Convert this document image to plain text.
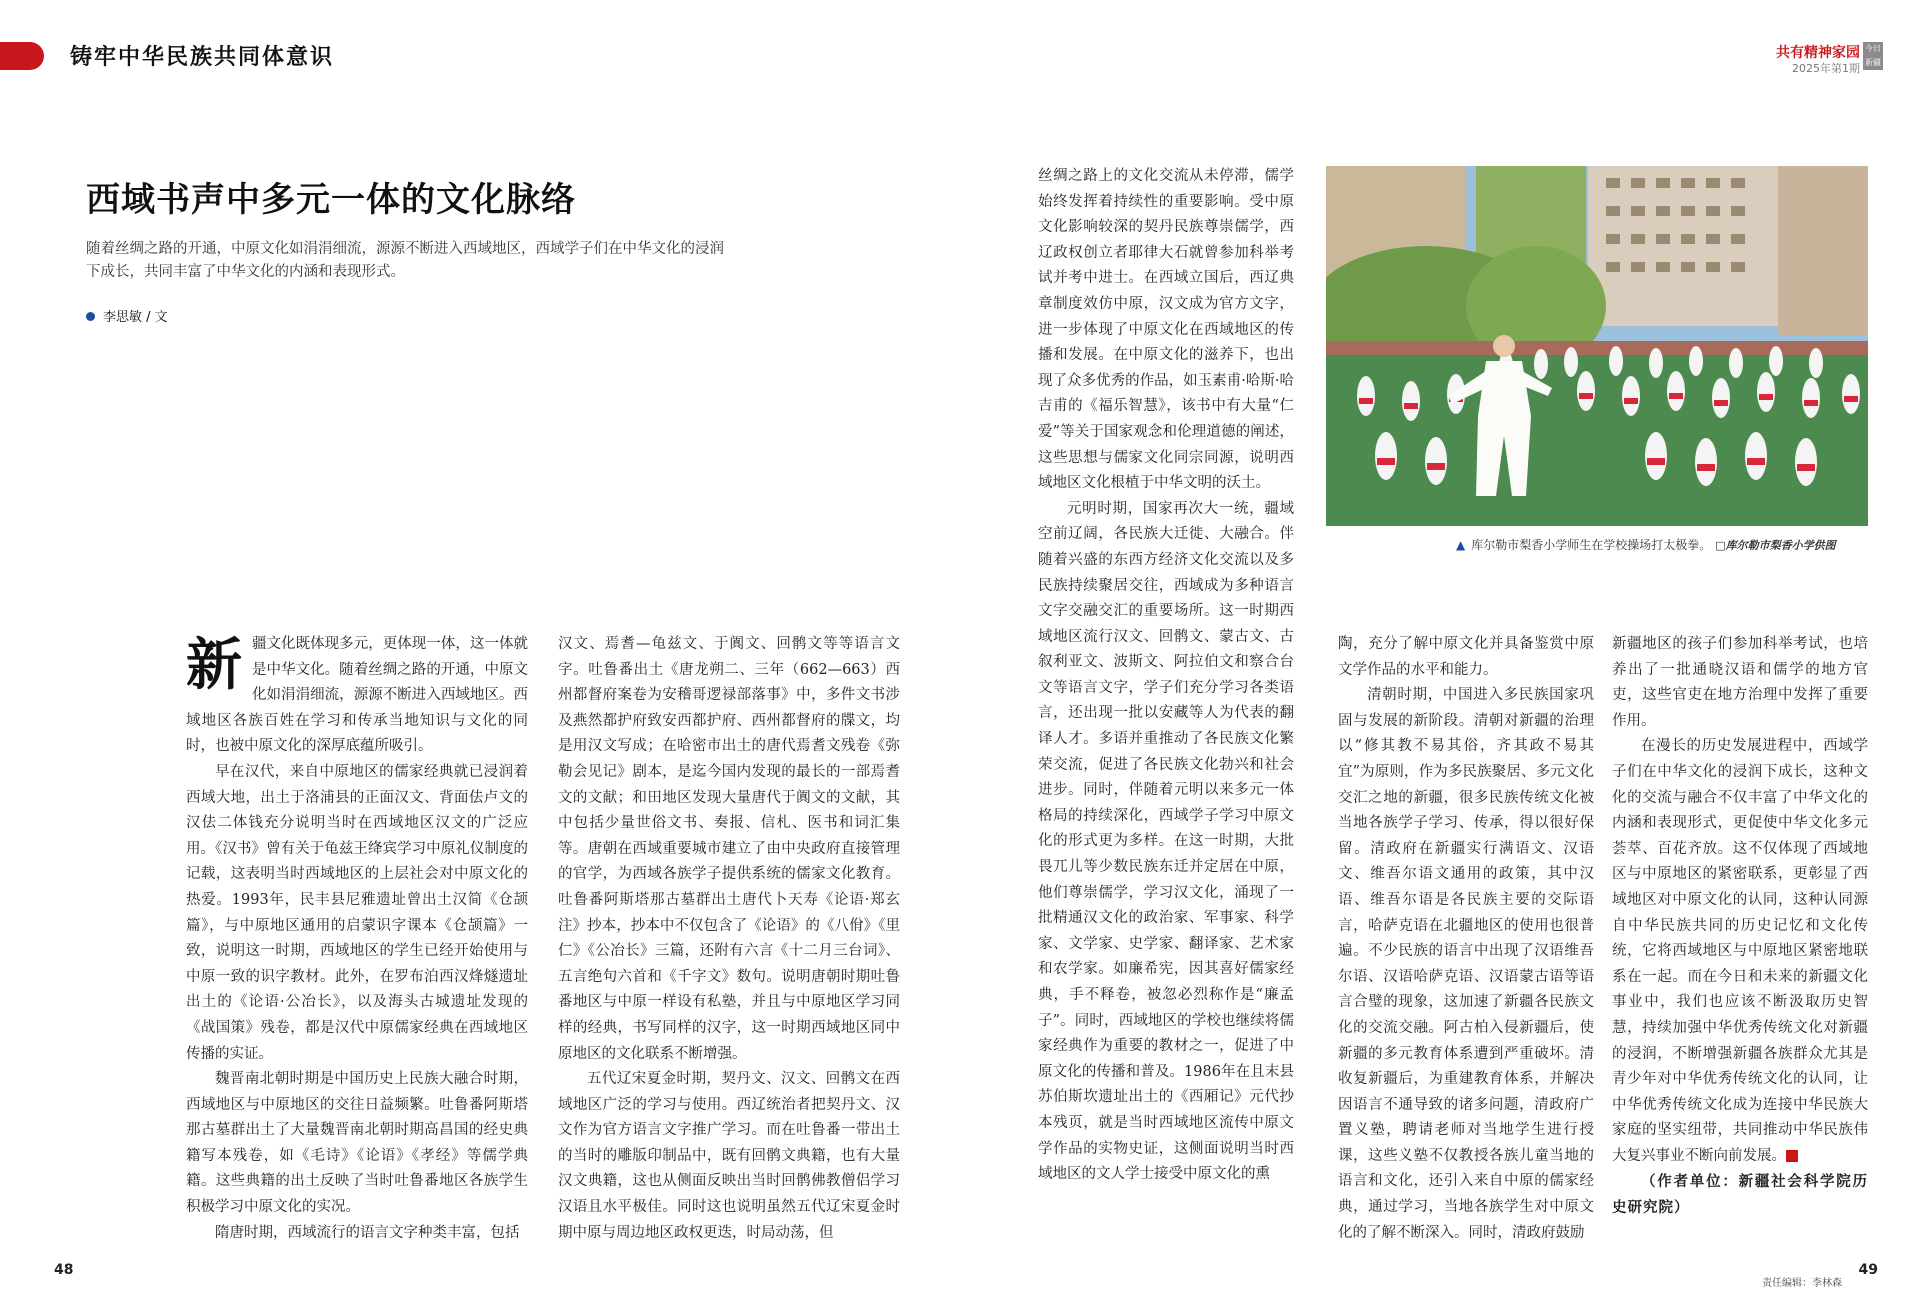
铸牢中华民族共同体意识	共有精神家园
2025年第1期
今日新疆
西域书声中多元一体的文化脉络
随着丝绸之路的开通，中原文化如涓涓细流，源源不断进入西域地区，西域学子们在中华文化的浸润下成长，共同丰富了中华文化的内涵和表现形式。
李思敏 / 文

新疆文化既体现多元，更体现一体，这一体就是中华文化。随着丝绸之路的开通，中原文化如涓涓细流，源源不断进入西域地区。西域地区各族百姓在学习和传承当地知识与文化的同时，也被中原文化的深厚底蕴所吸引。

早在汉代，来自中原地区的儒家经典就已浸润着西域大地，出土于洛浦县的正面汉文、背面佉卢文的汉佉二体钱充分说明当时在西域地区汉文的广泛应用。《汉书》曾有关于龟兹王绛宾学习中原礼仪制度的记载，这表明当时西域地区的上层社会对中原文化的热爱。1993年，民丰县尼雅遗址曾出土汉简《仓颉篇》，与中原地区通用的启蒙识字课本《仓颉篇》一致，说明这一时期，西域地区的学生已经开始使用与中原一致的识字教材。此外，在罗布泊西汉烽燧遗址出土的《论语·公冶长》，以及海头古城遗址发现的《战国策》残卷，都是汉代中原儒家经典在西域地区传播的实证。

魏晋南北朝时期是中国历史上民族大融合时期，西域地区与中原地区的交往日益频繁。吐鲁番阿斯塔那古墓群出土了大量魏晋南北朝时期高昌国的经史典籍写本残卷，如《毛诗》《论语》《孝经》等儒学典籍。这些典籍的出土反映了当时吐鲁番地区各族学生积极学习中原文化的实况。

隋唐时期，西域流行的语言文字种类丰富，包括

汉文、焉耆—龟兹文、于阗文、回鹘文等等语言文字。吐鲁番出土《唐龙朔二、三年（662—663）西州都督府案卷为安稽哥逻禄部落事》中，多件文书涉及燕然都护府致安西都护府、西州都督府的牒文，均是用汉文写成；在哈密市出土的唐代焉耆文残卷《弥勒会见记》剧本，是迄今国内发现的最长的一部焉耆文的文献；和田地区发现大量唐代于阗文的文献，其中包括少量世俗文书、奏报、信札、医书和词汇集等。唐朝在西域重要城市建立了由中央政府直接管理的官学，为西域各族学子提供系统的儒家文化教育。吐鲁番阿斯塔那古墓群出土唐代卜天寿《论语·郑玄注》抄本，抄本中不仅包含了《论语》的《八佾》《里仁》《公冶长》三篇，还附有六言《十二月三台词》、五言绝句六首和《千字文》数句。说明唐朝时期吐鲁番地区与中原一样设有私塾，并且与中原地区学习同样的经典，书写同样的汉字，这一时期西域地区同中原地区的文化联系不断增强。

五代辽宋夏金时期，契丹文、汉文、回鹘文在西域地区广泛的学习与使用。西辽统治者把契丹文、汉文作为官方语言文字推广学习。而在吐鲁番一带出土的当时的雕版印制品中，既有回鹘文典籍，也有大量汉文典籍，这也从侧面反映出当时回鹘佛教僧侣学习汉语且水平极佳。同时这也说明虽然五代辽宋夏金时期中原与周边地区政权更迭，时局动荡，但

丝绸之路上的文化交流从未停滞，儒学始终发挥着持续性的重要影响。受中原文化影响较深的契丹民族尊崇儒学，西辽政权创立者耶律大石就曾参加科举考试并考中进士。在西域立国后，西辽典章制度效仿中原，汉文成为官方文字，进一步体现了中原文化在西域地区的传播和发展。在中原文化的滋养下，也出现了众多优秀的作品，如玉素甫·哈斯·哈吉甫的《福乐智慧》，该书中有大量“仁爱”等关于国家观念和伦理道德的阐述，这些思想与儒家文化同宗同源，说明西域地区文化根植于中华文明的沃土。

元明时期，国家再次大一统，疆域空前辽阔，各民族大迁徙、大融合。伴随着兴盛的东西方经济文化交流以及多民族持续聚居交往，西域成为多种语言文字交融交汇的重要场所。这一时期西域地区流行汉文、回鹘文、蒙古文、古叙利亚文、波斯文、阿拉伯文和察合台文等语言文字，学子们充分学习各类语言，还出现一批以安藏等人为代表的翻译人才。多语并重推动了各民族文化繁荣交流，促进了各民族文化勃兴和社会进步。同时，伴随着元明以来多元一体格局的持续深化，西域学子学习中原文化的形式更为多样。在这一时期，大批畏兀儿等少数民族东迁并定居在中原，他们尊崇儒学，学习汉文化，涌现了一批精通汉文化的政治家、军事家、科学家、文学家、史学家、翻译家、艺术家和农学家。如廉希宪，因其喜好儒家经典，手不释卷，被忽必烈称作是“廉孟子”。同时，西域地区的学校也继续将儒家经典作为重要的教材之一，促进了中原文化的传播和普及。1986年在且末县苏伯斯坎遗址出土的《西厢记》元代抄本残页，就是当时西域地区流传中原文学作品的实物史证，这侧面说明当时西域地区的文人学士接受中原文化的熏

陶，充分了解中原文化并具备鉴赏中原文学作品的水平和能力。

清朝时期，中国进入多民族国家巩固与发展的新阶段。清朝对新疆的治理以“修其教不易其俗，齐其政不易其宜”为原则，作为多民族聚居、多元文化交汇之地的新疆，很多民族传统文化被当地各族学子学习、传承，得以很好保留。清政府在新疆实行满语文、汉语文、维吾尔语文通用的政策，其中汉语、维吾尔语是各民族主要的交际语言，哈萨克语在北疆地区的使用也很普遍。不少民族的语言中出现了汉语维吾尔语、汉语哈萨克语、汉语蒙古语等语言合璧的现象，这加速了新疆各民族文化的交流交融。阿古柏入侵新疆后，使新疆的多元教育体系遭到严重破坏。清收复新疆后，为重建教育体系，并解决因语言不通导致的诸多问题，清政府广置义塾，聘请老师对当地学生进行授课，这些义塾不仅教授各族儿童当地的语言和文化，还引入来自中原的儒家经典，通过学习，当地各族学生对中原文化的了解不断深入。同时，清政府鼓励

新疆地区的孩子们参加科举考试，也培养出了一批通晓汉语和儒学的地方官吏，这些官吏在地方治理中发挥了重要作用。

在漫长的历史发展进程中，西域学子们在中华文化的浸润下成长，这种文化的交流与融合不仅丰富了中华文化的内涵和表现形式，更促使中华文化多元荟萃、百花齐放。这不仅体现了西域地区与中原地区的紧密联系，更彰显了西域地区对中原文化的认同，这种认同源自中华民族共同的历史记忆和文化传统，它将西域地区与中原地区紧密地联系在一起。而在今日和未来的新疆文化事业中，我们也应该不断汲取历史智慧，持续加强中华优秀传统文化对新疆的浸润，不断增强新疆各族群众尤其是青少年对中华优秀传统文化的认同，让中华优秀传统文化成为连接中华民族大家庭的坚实纽带，共同推动中华民族伟大复兴事业不断向前发展。	J

（作者单位：新疆社会科学院历史研究院）

▲ 库尔勒市梨香小学师生在学校操场打太极拳。 □库尔勒市梨香小学供图
48
责任编辑：李林森
49
